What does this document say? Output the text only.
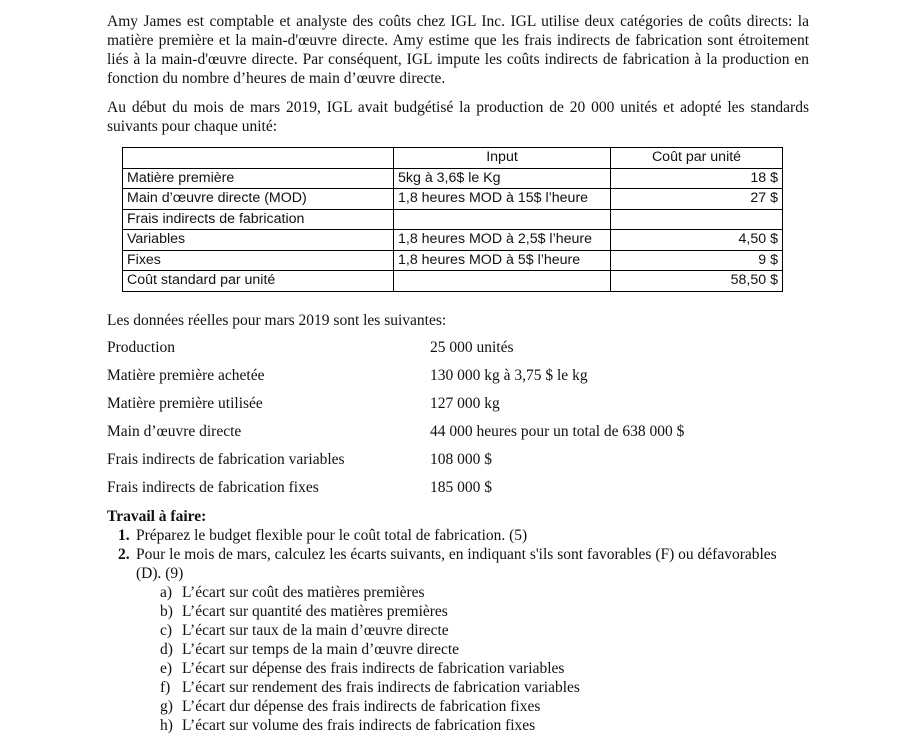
Amy James est comptable et analyste des coûts chez IGL Inc. IGL utilise deux catégories de coûts directs: la matière première et la main-d'œuvre directe. Amy estime que les frais indirects de fabrication sont étroitement liés à la main-d'œuvre directe. Par conséquent, IGL impute les coûts indirects de fabrication à la production en fonction du nombre d’heures de main d’œuvre directe.

Au début du mois de mars 2019, IGL avait budgétisé la production de 20 000 unités et adopté les standards suivants pour chaque unité:

	Input	Coût par unité
Matière première	5kg à 3,6$ le Kg	18 $
Main d’œuvre directe (MOD)	1,8 heures MOD à 15$ l’heure	27 $
Frais indirects de fabrication		
Variables	1,8 heures MOD à 2,5$ l’heure	4,50 $
Fixes	1,8 heures MOD à 5$ l’heure	9 $
Coût standard par unité		58,50 $
Les données réelles pour mars 2019 sont les suivantes:
Production	25 000 unités
Matière première achetée	130 000 kg à 3,75 $ le kg
Matière première utilisée	127 000 kg
Main d’œuvre directe	44 000 heures pour un total de 638 000 $
Frais indirects de fabrication variables	108 000 $
Frais indirects de fabrication fixes	185 000 $
Travail à faire:
1. Préparez le budget flexible pour le coût total de fabrication. (5)
2. Pour le mois de mars, calculez les écarts suivants, en indiquant s'ils sont favorables (F) ou défavorables
(D). (9)
a) L’écart sur coût des matières premières
b) L’écart sur quantité des matières premières
c) L’écart sur taux de la main d’œuvre directe
d) L’écart sur temps de la main d’œuvre directe
e) L’écart sur dépense des frais indirects de fabrication variables
f) L’écart sur rendement des frais indirects de fabrication variables
g) L’écart dur dépense des frais indirects de fabrication fixes
h) L’écart sur volume des frais indirects de fabrication fixes
